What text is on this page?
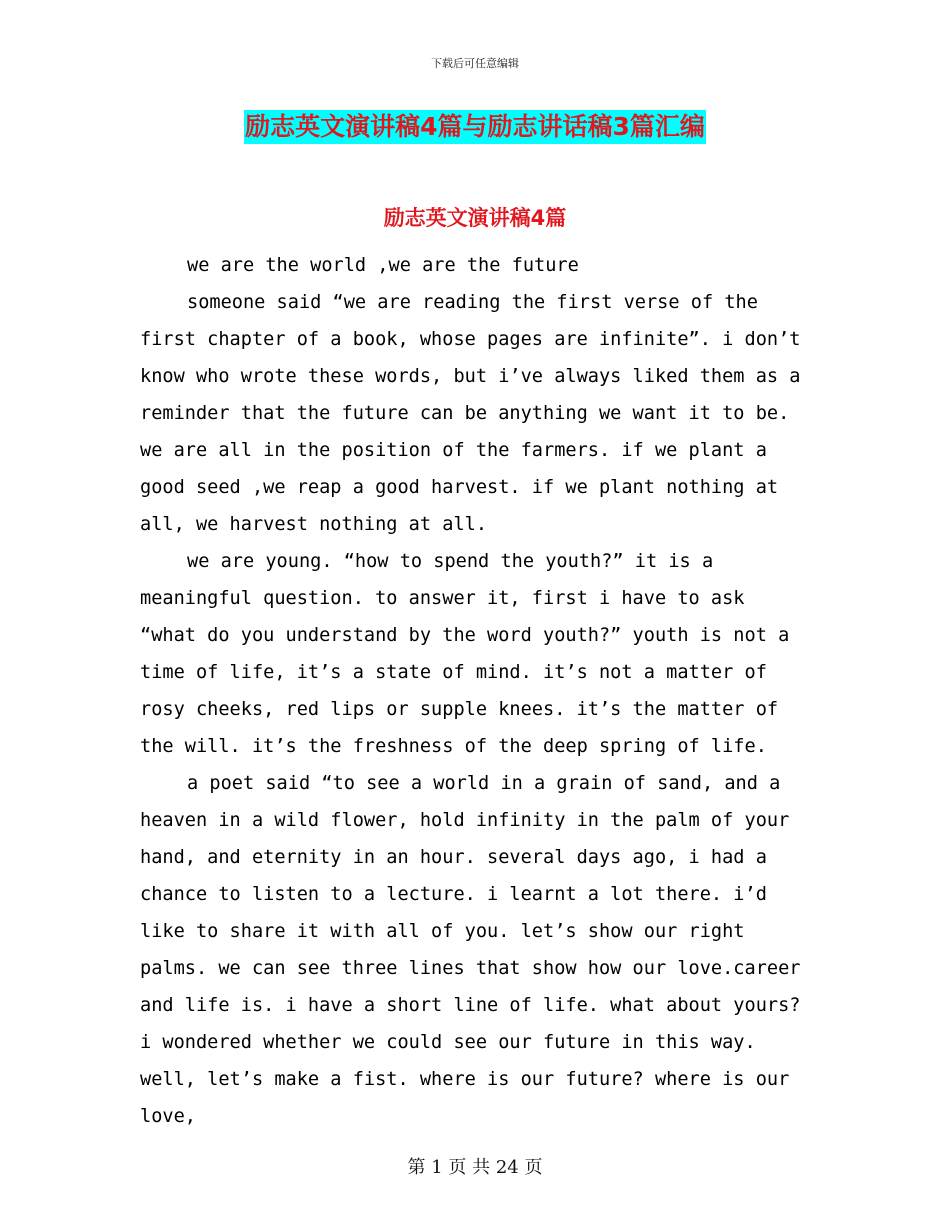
下载后可任意编辑
励志英文演讲稿4篇与励志讲话稿3篇汇编
励志英文演讲稿4篇

we are the world ,we are the future

someone said “we are reading the first verse of the first chapter of a book, whose pages are infinite”. i don’t know who wrote these words, but i’ve always liked them as a reminder that the future can be anything we want it to be. we are all in the position of the farmers. if we plant a good seed ,we reap a good harvest. if we plant nothing at all, we harvest nothing at all.

we are young. “how to spend the youth?” it is a meaningful question. to answer it, first i have to ask “what do you understand by the word youth?” youth is not a time of life, it’s a state of mind. it’s not a matter of rosy cheeks, red lips or supple knees. it’s the matter of the will. it’s the freshness of the deep spring of life.

a poet said “to see a world in a grain of sand, and a heaven in a wild flower, hold infinity in the palm of your hand, and eternity in an hour. several days ago, i had a chance to listen to a lecture. i learnt a lot there. i’d like to share it with all of you. let’s show our right palms. we can see three lines that show how our love.career and life is. i have a short line of life. what about yours? i wondered whether we could see our future in this way. well, let’s make a fist. where is our future? where is our love,

第 1 页 共 24 页
